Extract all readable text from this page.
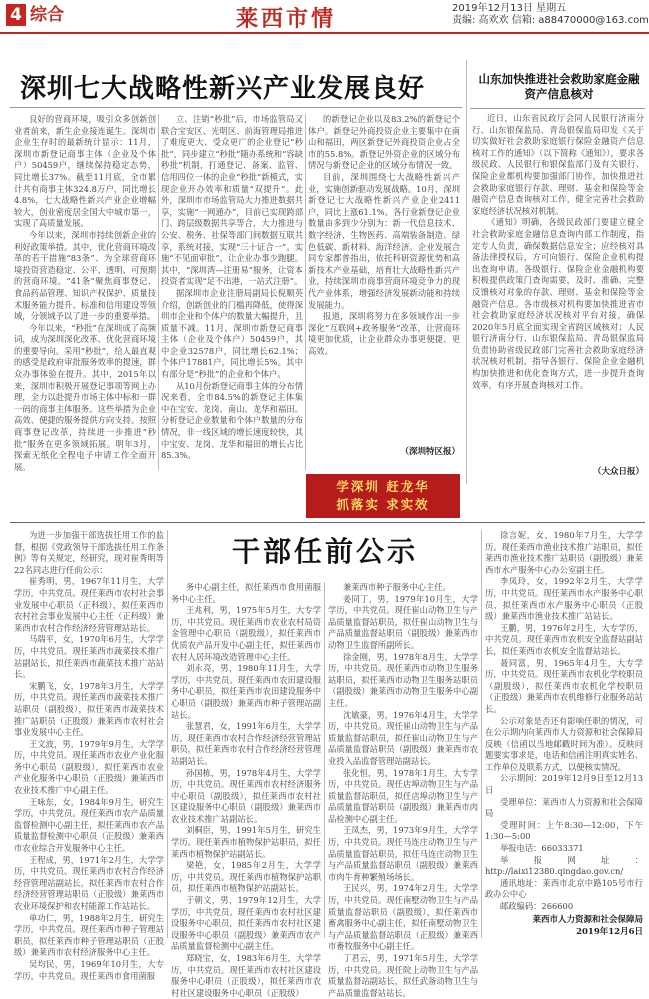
4 综合	莱西市情	2019年12月13日 星期五
责编: 高欢欢 信箱: a88470000@163.com
深圳七大战略性新兴产业发展良好

良好的营商环境，吸引众多创新创业者前来，新生企业接连诞生。深圳市企业生存时的最新统计显示：11月，深圳市新登记商事主体（企业及个体户）50459户，继续保持稳定态势，同比增长37%。截至11月底，全市累计共有商事主体324.8万户，同比增长4.8%，七大战略性新兴产业企业增幅较大，创业密度居全国大中城市第一，实现了高质量发展。

今年以来，深圳市持续创新企业的利好政策举措。其中，优化营商环境改革的若干措施“83条”、为全球营商环境投资营造稳定、公平、透明、可预期的营商环境。“41条”聚焦商事登记、食品药品管理、知识产权保护、质量技术服务能力提升、标准和信用建设等领域，分领域予以了进一步的重要举措。

今年以来，“秒批”在深圳成了高频词，成为深圳深化改革、优化营商环境的重要导向。采用“秒批”，给人最直观的感受是政府审批服务效率的提速，群众办事体验在提升。其中，2015年以来，深圳市积极开展登记事项等网上办理，全力以赴提升市场主体中标和一群一码的商事主体服务。这些举措为企业高效、便捷的服务提供方向支持。按照商事登记改革，持续进一步推进“秒批”服务在更多领域拓展。明年3月，探索无纸化全程电子申请工作全面开展。

立、注销“秒批”后，市场监管局又联合宝安区、光明区、前海管理局推进了难度更大、受众更广的企业登记“秒批”，同步建立“秒批”随办系统和“容缺秒批”机制，打通登记、备案、监管、信用四位一体的企业“秒批”新模式，实现企业开办效率和质量“双提升”。此外，深圳市市场监管局大力推进数据共享，实施“一网通办”，目前已实现跨部门、跨层级数据共享等合，大力推进与公安、税务、社保等部门间数据互联共享，系统对接，实现“三十证合一”。实施“不见面审批”，让企业办事少跑腿。其中，“深圳湾—注册易”服务，让资本投资者实现“足不出港，一站式注册”。

据深圳市企业注册局副局长倪顺英介绍，创新创业的门槛再降低，使得深圳市企业和个体户的数量大幅提升，且质量不减。11月，深圳市新登记商事主体（企业及个体户）50459户，其中企业32578户，同比增长62.1%；个体户17881户，同比增长5%。其中有部分是“秒批”的企业和个体户。

从10月份新登记商事主体的分布情况来看，全市84.5%的新登记主体集中在宝安、龙岗、南山、龙华和福田。分析登记企业数量和个体户数量的分布情况，非一线区域的增长速度较快，其中宝安、龙岗、龙华和福田的增长占比85.3%。

的新登记企业以及83.2%的新登记个体户。新登记外商投资企业主要集中在南山和福田，两区新登记外商投资企业占全市的55.8%。新登记外资企业的区域分布情况与新登记企业的区域分布情况一致。

目前，深圳围绕七大战略性新兴产业，实施创新驱动发展战略。10月，深圳新登记七大战略性新兴产业企业2411户，同比上涨61.1%。各行业新登记企业数量由多到少分别为：新一代信息技术、数字经济、生物医药、高端装备制造、绿色低碳、新材料、海洋经济。企业发展合同专家都普指出，依托科研资源优势和高新技术产业基础，培育壮大战略性新兴产业，持续深圳市商事营商环境竞争力的现代产业体系，增强经济发展新动能和持续发展能力。

报道，深圳将努力在多领域作出一步深化“互联网+政务服务”改革，让营商环境更加优质，让企业群众办事更便捷、更高效。

（深圳特区报）
山东加快推进社会救助家庭金融资产信息核对

近日，山东省民政厅会同人民银行济南分行、山东银保监局、青岛银保监局印发《关于切实做好社会救助家庭银行保险金融资产信息核对工作的通知》（以下简称《通知》），要求各级民政、人民银行和银保监部门及有关银行、保险企业都机构要加强部门协作，加快推进社会救助家庭银行存款、理财、基金和保险等金融资产信息查询核对工作，健全完善社会救助家庭经济状况核对机制。

《通知》明确，各级民政部门要建立健全社会救助家庭金融信息查询内部工作制度，指定专人负责，确保数据信息安全；应经核对具备法律授权后，方可向银行、保险企业机构提出查询申请。各级银行、保险企业金融机构要积极提供政策门查询需要，及时、准确、完整反馈核对对象的存款、理财、基金和保险等金融资产信息。各市级核对机构要加快推进省市社会救助家庭经济状况核对平台对接，确保2020年5月底全面实现全省跨区域核对；人民银行济南分行、山东银保监局、青岛银保监局负责协助省级民政部门完善社会救助家庭经济状况核对机制，指导各银行、保险企业金融机构加快推进和优化查询方式，进一步提升查询效率，有序开展查询核对工作。

（大众日报）
学深圳 赶龙华
抓落实 求实效
干部任前公示

为进一步加强干部选拔任用工作的监督，根据《党政领导干部选拔任用工作条例》等有关规定，经研究，现对崔秀明等22名同志进行任前公示：

崔秀明，男，1967年11月生，大学学历，中共党员。现任莱西市农村社会事业发展中心职员（正科级），拟任莱西市农村社会事业发展中心主任（正科级）兼莱西市农村合作经济经营管理站站长。

马瑞平，女，1970年6月生，大学学历，中共党员。现任莱西市蔬菜技术推广站副站长，拟任莱西市蔬菜技术推广站站长。

宋鹏飞，女，1978年3月生，大学学历，中共党员。现任莱西市蔬菜技术推广站职员（副股级），拟任莱西市蔬菜技术推广站职员（正股级）兼莱西市农村社会事业发展中心主任。

王文波，男，1979年9月生，大学学历，中共党员。现任莱西市农业产业化服务中心职员（副股级），拟任莱西市农业产业化服务中心职员（正股级）兼莱西市农业技术推广中心副主任。

王咏东，女，1984年9月生，研究生学历，中共党员。现任莱西市农产品质量监督检测中心副主任，拟任莱西市农产品质量监督检测中心职员（正股级）兼莱西市农业综合开发服务中心主任。

王程成，男，1971年2月生，大学学历，中共党员。现任莱西市农村合作经济经营管理站副站长，拟任莱西市农村合作经济经营管理站职员（正股级）兼莱西市农业环境保护和农村能源工作站站长。

单功仁，男，1988年2月生，研究生学历，中共党员。现任莱西市种子管理站职员，拟任莱西市种子管理站职员（正股级）兼莱西市农村经济服务中心主任。

吴均民，男，1969年10月生，大专学历，中共党员。现任莱西市食用菌服

务中心副主任，拟任莱西市食用菌服务中心主任。

王兆利，男，1975年5月生，大专学历，中共党员。现任莱西市农业农村局资金管理中心职员（副股级），拟任莱西市优质农产品开发中心副主任，拟任莱西市农村人居环境改造管理中心主任。

刘永亮，男，1980年11月生，大学学历，中共党员。现任莱西市农田建设服务中心职员，拟任莱西市农田建设服务中心职员（副股级）兼莱西市种子管理站副站长。

张慧君，女，1991年6月生，大学学历。现任莱西市农村合作经济经营管理站职员，拟任莱西市农村合作经济经营管理站副站长。

孙国栋，男，1978年4月生，大学学历，中共党员。现任莱西市农村经济服务中心职员（副股级），拟任莱西市农村社区建设服务中心职员（副股级）兼莱西市农业技术推广站副站长。

刘桐臣，男，1991年5月生，研究生学历。现任莱西市植物保护站职员，拟任莱西市植物保护站副站长。

梁艳，女，1985年2月生，大学学历，中共党员。现任莱西市植物保护站职员，拟任莱西市植物保护站副站长。

于朝文，男，1979年12月生，大学学历，中共党员。现任莱西市农村社区建设服务中心职员，拟任莱西市农村社区建设服务中心职员（副股级）兼莱西市农产品质量监督检测中心副主任。

郑晓宝，女，1983年6月生，大学学历，中共党员。现任莱西市农村社区建设服务中心职员（正股级），拟任莱西市农村社区建设服务中心职员（正股级）

兼莱西市种子服务中心主任。

姜同丁，男，1979年10月生，大学学历，中共党员。现任崔山动物卫生与产品质量监督站职员，拟任崔山动物卫生与产品质量监督站职员（副股级）兼莱西市动物卫生监督所副所长。

徐金刚，男，1978年8月生，大学学历，中共党员。现任莱西市动物卫生服务站职员，拟任莱西市动物卫生服务站职员（副股级）兼莱西市动物卫生服务中心副主任。

沈敏豪，男，1976年4月生，大学学历，中共党员。现任崔山动物卫生与产品质量监督站职员，拟任崔山动物卫生与产品质量监督站职员（副股级）兼莱西市农业投入品监督管理站副站长。

张化恒，男，1978年1月生，大专学历，中共党员。现任店埠动物卫生与产品质量监督站职员，拟任店埠动物卫生与产品质量监督站职员（副股级）兼莱西市肉品检测中心副主任。

王凤杰，男，1973年9月生，大学学历，中共党员。现任马连庄动物卫生与产品质量监督站职员，拟任马连庄动物卫生与产品质量监督站职员（副股级）兼莱西市肉牛育种繁殖场场长。

王民兴，男，1974年2月生，大学学历，中共党员。现任南墅动物卫生与产品质量监督站职员（副股级），拟任莱西市畜禽服务中心副主任，拟任南墅动物卫生与产品质量监督站职员（正股级）兼莱西市畜牧服务中心副主任。

丁君云，男，1971年5月生，大学学历，中共党员。现任院上动物卫生与产品质量监督站副站长，拟任武备动物卫生与产品质量监督站站长。

徐言妮，女，1980年7月生，大学学历。现任莱西市渔业技术推广站职员，拟任莱西市渔业技术推广站职员（副股级）兼莱西市水产服务中心办公室副主任。

李凤玲，女，1992年2月生，大学学历，中共党员。现任莱西市水产服务中心职员，拟任莱西市水产服务中心职员（正股级）兼莱西市渔业技术推广站站长。

王鹏，男，1976年2月生，大专学历，中共党员。现任莱西市农机安全监督站副站长，拟任莱西市农机安全监督站站长。

聂同富，男，1965年4月生，大专学历，中共党员。现任莱西市农机化学校职员（副股级），拟任莱西市农机化学校职员（正股级）兼莱西市农机维修行业服务站站长。

公示对象是否还有影响任职的情况，可在公示期内向莱西市人力资源和社会保障局反映（信函以当地邮戳时间为准）。反映问题要实事求是，电话和信函注明真实姓名、工作单位及联系方式，以便核实情况。

公示期间：2019年12月9日至12月13日

受理单位：莱西市人力资源和社会保障局

受理时间：上午8:30—12:00，下午1:30—5:00

举报电话：66033371

举报网址：http://laixi12380.qingdao.gov.cn/

通讯地址：莱西市北京中路105号市行政办公中心

邮政编码：266600

莱西市人力资源和社会保障局
2019年12月6日
